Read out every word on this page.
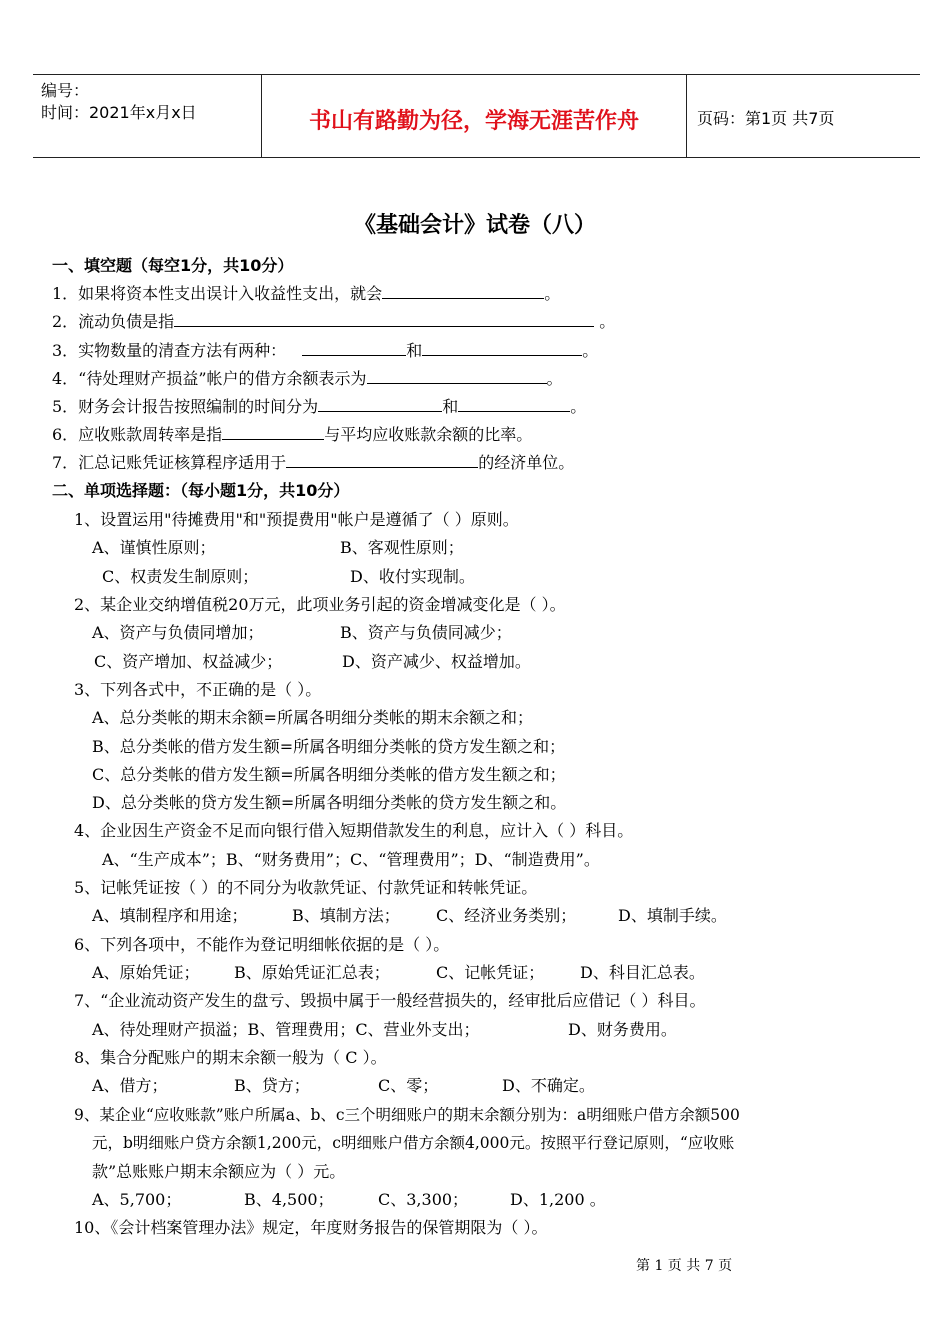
编号：
时间：2021年x月x日	书山有路勤为径，学海无涯苦作舟	页码：第1页 共7页
《基础会计》试卷（八）
一、填空题（每空1分，共10分）
1．如果将资本性支出误计入收益性支出，就会	。
2．流动负债是指	。
3．实物数量的清查方法有两种：	和	。
4．“待处理财产损益”帐户的借方余额表示为	。
5．财务会计报告按照编制的时间分为	和	。
6．应收账款周转率是指	与平均应收账款余额的比率。
7．汇总记账凭证核算程序适用于	的经济单位。
二、单项选择题：（每小题1分，共10分）
1、设置运用"待摊费用"和"预提费用"帐户是遵循了（ ）原则。
A、谨慎性原则；	B、客观性原则；
C、权责发生制原则；	D、收付实现制。
2、某企业交纳增值税20万元，此项业务引起的资金增减变化是（ ）。
A、资产与负债同增加；	B、资产与负债同减少；
C、资产增加、权益减少；	D、资产减少、权益增加。
3、下列各式中，不正确的是（ ）。
A、总分类帐的期末余额=所属各明细分类帐的期末余额之和；
B、总分类帐的借方发生额=所属各明细分类帐的贷方发生额之和；
C、总分类帐的借方发生额=所属各明细分类帐的借方发生额之和；
D、总分类帐的贷方发生额=所属各明细分类帐的贷方发生额之和。
4、企业因生产资金不足而向银行借入短期借款发生的利息，应计入（ ）科目。
A、“生产成本”；B、“财务费用”；C、“管理费用”；D、“制造费用”。
5、记帐凭证按（ ）的不同分为收款凭证、付款凭证和转帐凭证。
A、填制程序和用途；	B、填制方法； C、经济业务类别；	D、填制手续。
6、下列各项中，不能作为登记明细帐依据的是（ ）。
A、原始凭证； B、原始凭证汇总表；	C、记帐凭证； D、科目汇总表。
7、“企业流动资产发生的盘亏、毁损中属于一般经营损失的，经审批后应借记（ ）科目。
A、待处理财产损溢；B、管理费用；C、营业外支出；	D、财务费用。
8、集合分配账户的期末余额一般为（ C ）。
A、借方；	B、贷方；	C、零；	D、不确定。
9、某企业“应收账款”账户所属a、b、c三个明细账户的期末余额分别为：a明细账户借方余额500
元，b明细账户贷方余额1,200元，c明细账户借方余额4,000元。按照平行登记原则，“应收账
款”总账账户期末余额应为（ ）元。
A、5,700；	B、4,500；	C、3,300；	D、1,200 。
10、《会计档案管理办法》规定，年度财务报告的保管期限为（ ）。
第 1 页 共 7 页
